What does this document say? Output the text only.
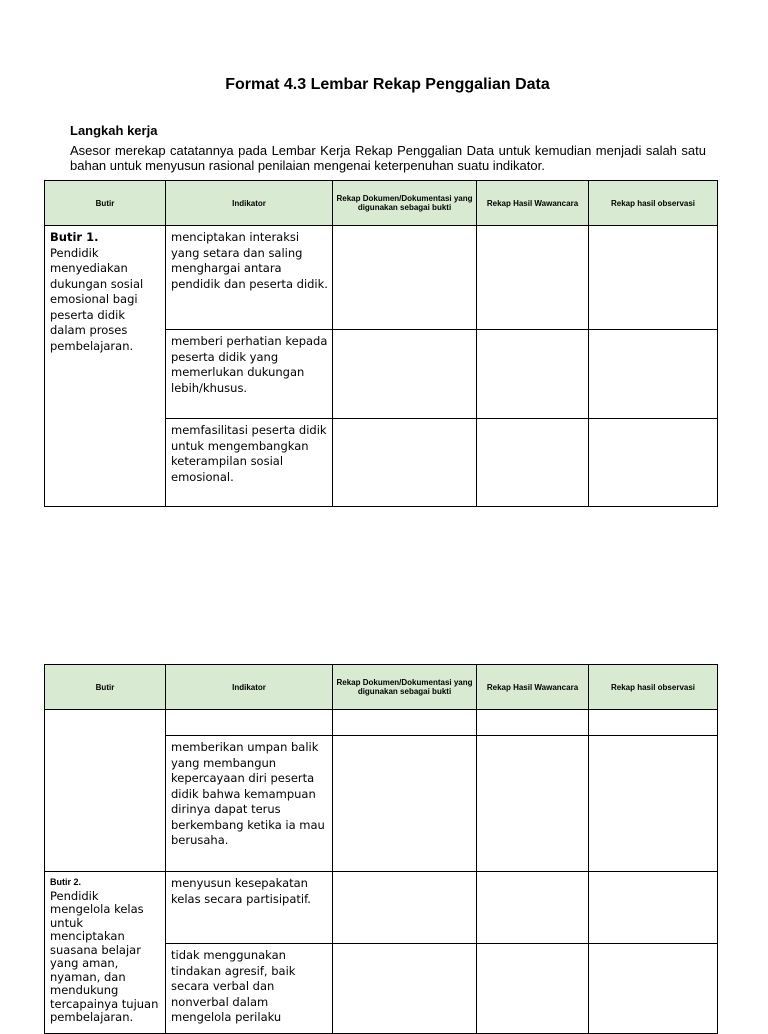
Format 4.3 Lembar Rekap Penggalian Data
Langkah kerja
Asesor merekap catatannya pada Lembar Kerja Rekap Penggalian Data untuk kemudian menjadi salah satu bahan untuk menyusun rasional penilaian mengenai keterpenuhan suatu indikator.
Butir	Indikator	Rekap Dokumen/Dokumentasi yang digunakan sebagai bukti	Rekap Hasil Wawancara	Rekap hasil observasi

Butir 1.
Pendidik menyediakan dukungan sosial emosional bagi peserta didik dalam proses pembelajaran.	menciptakan interaksi yang setara dan saling menghargai antara pendidik dan peserta didik.			

	memberi perhatian kepada peserta didik yang memerlukan dukungan lebih/khusus.			

	memfasilitasi peserta didik untuk mengembangkan keterampilan sosial emosional.			

Butir	Indikator	Rekap Dokumen/Dokumentasi yang digunakan sebagai bukti	Rekap Hasil Wawancara	Rekap hasil observasi

	memberikan umpan balik yang membangun kepercayaan diri peserta didik bahwa kemampuan dirinya dapat terus berkembang ketika ia mau berusaha.			

Butir 2.
Pendidik mengelola kelas untuk menciptakan suasana belajar yang aman, nyaman, dan mendukung tercapainya tujuan pembelajaran.	menyusun kesepakatan kelas secara partisipatif.			

	tidak menggunakan tindakan agresif, baik secara verbal dan nonverbal dalam mengelola perilaku			
